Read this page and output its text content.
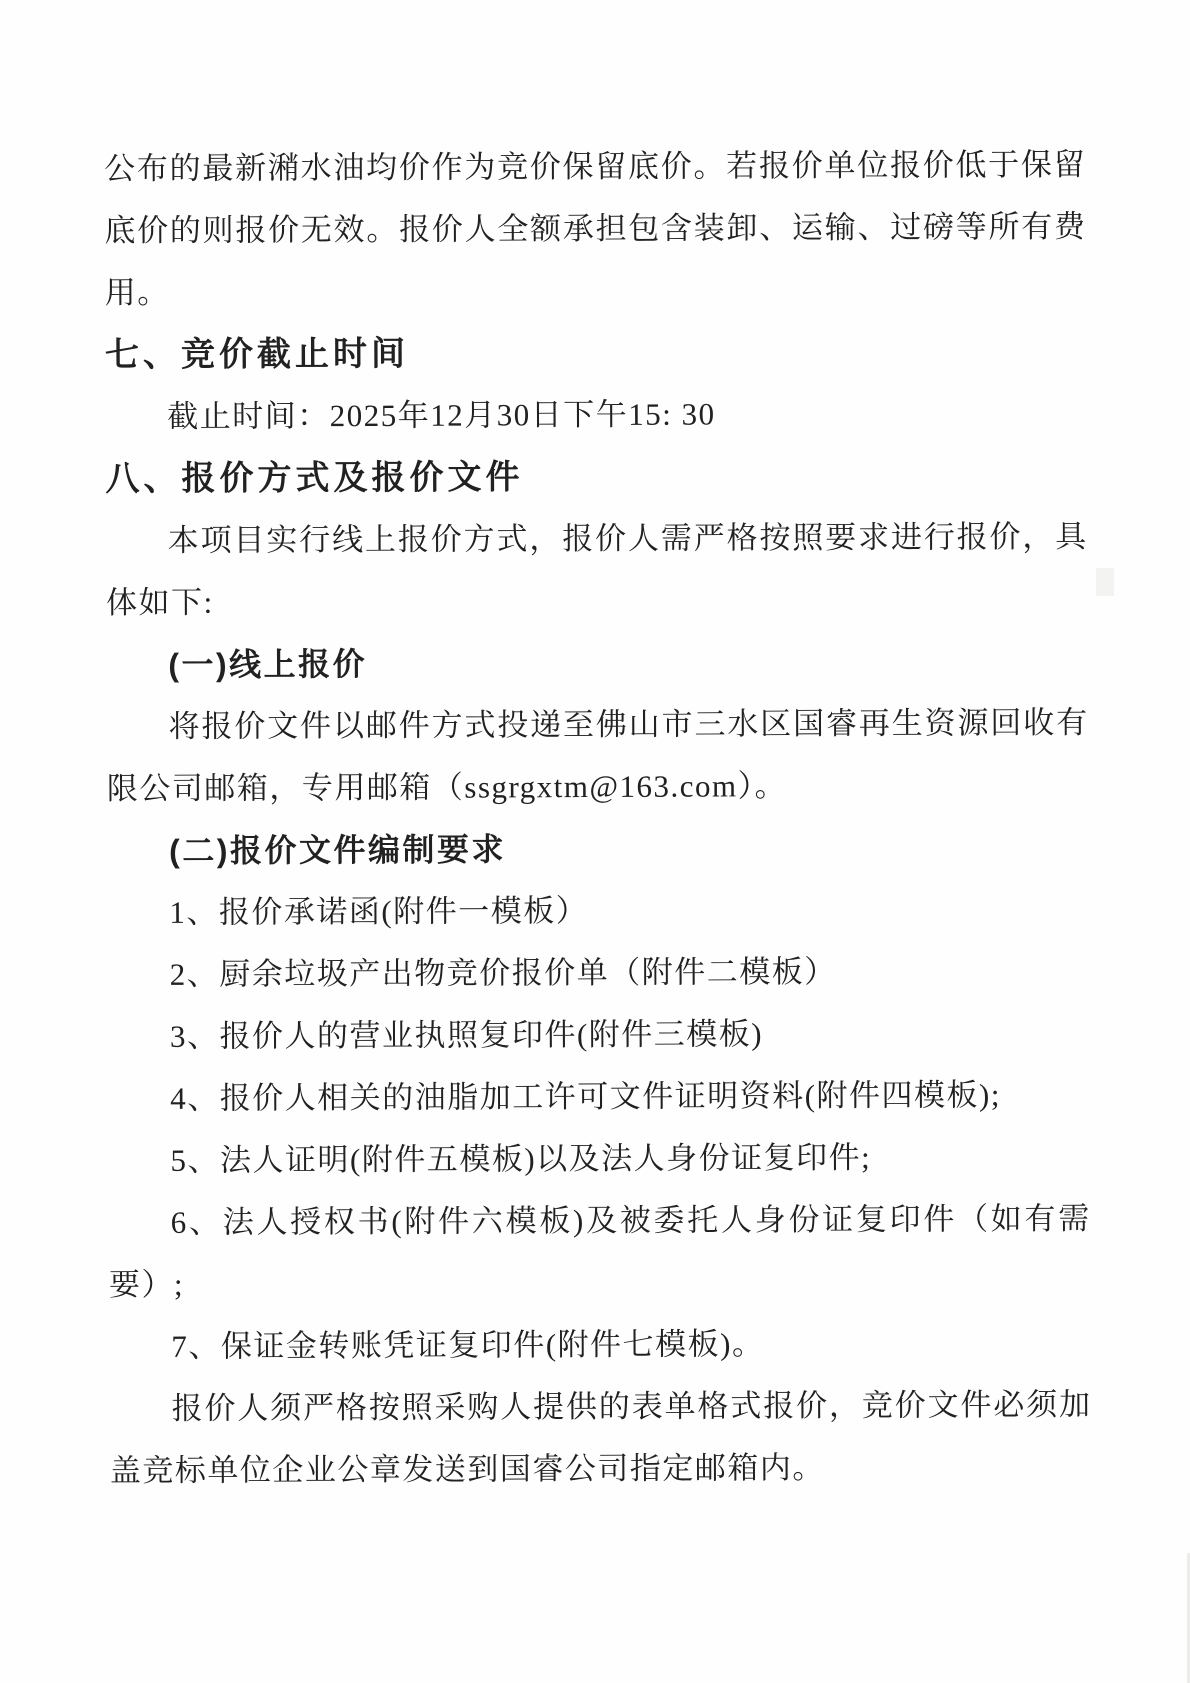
公布的最新潲水油均价作为竞价保留底价。若报价单位报价低于保留
底价的则报价无效。报价人全额承担包含装卸、运输、过磅等所有费
用。
七、竞价截止时间
截止时间：2025年12月30日下午15: 30
八、报价方式及报价文件
本项目实行线上报价方式，报价人需严格按照要求进行报价，具
体如下:
(一)线上报价
将报价文件以邮件方式投递至佛山市三水区国睿再生资源回收有
限公司邮箱，专用邮箱（ssgrgxtm@163.com）。
(二)报价文件编制要求
1、报价承诺函(附件一模板）
2、厨余垃圾产出物竞价报价单（附件二模板）
3、报价人的营业执照复印件(附件三模板)
4、报价人相关的油脂加工许可文件证明资料(附件四模板);
5、法人证明(附件五模板)以及法人身份证复印件;
6、法人授权书(附件六模板)及被委托人身份证复印件（如有需
要）;
7、保证金转账凭证复印件(附件七模板)。
报价人须严格按照采购人提供的表单格式报价，竞价文件必须加
盖竞标单位企业公章发送到国睿公司指定邮箱内。
